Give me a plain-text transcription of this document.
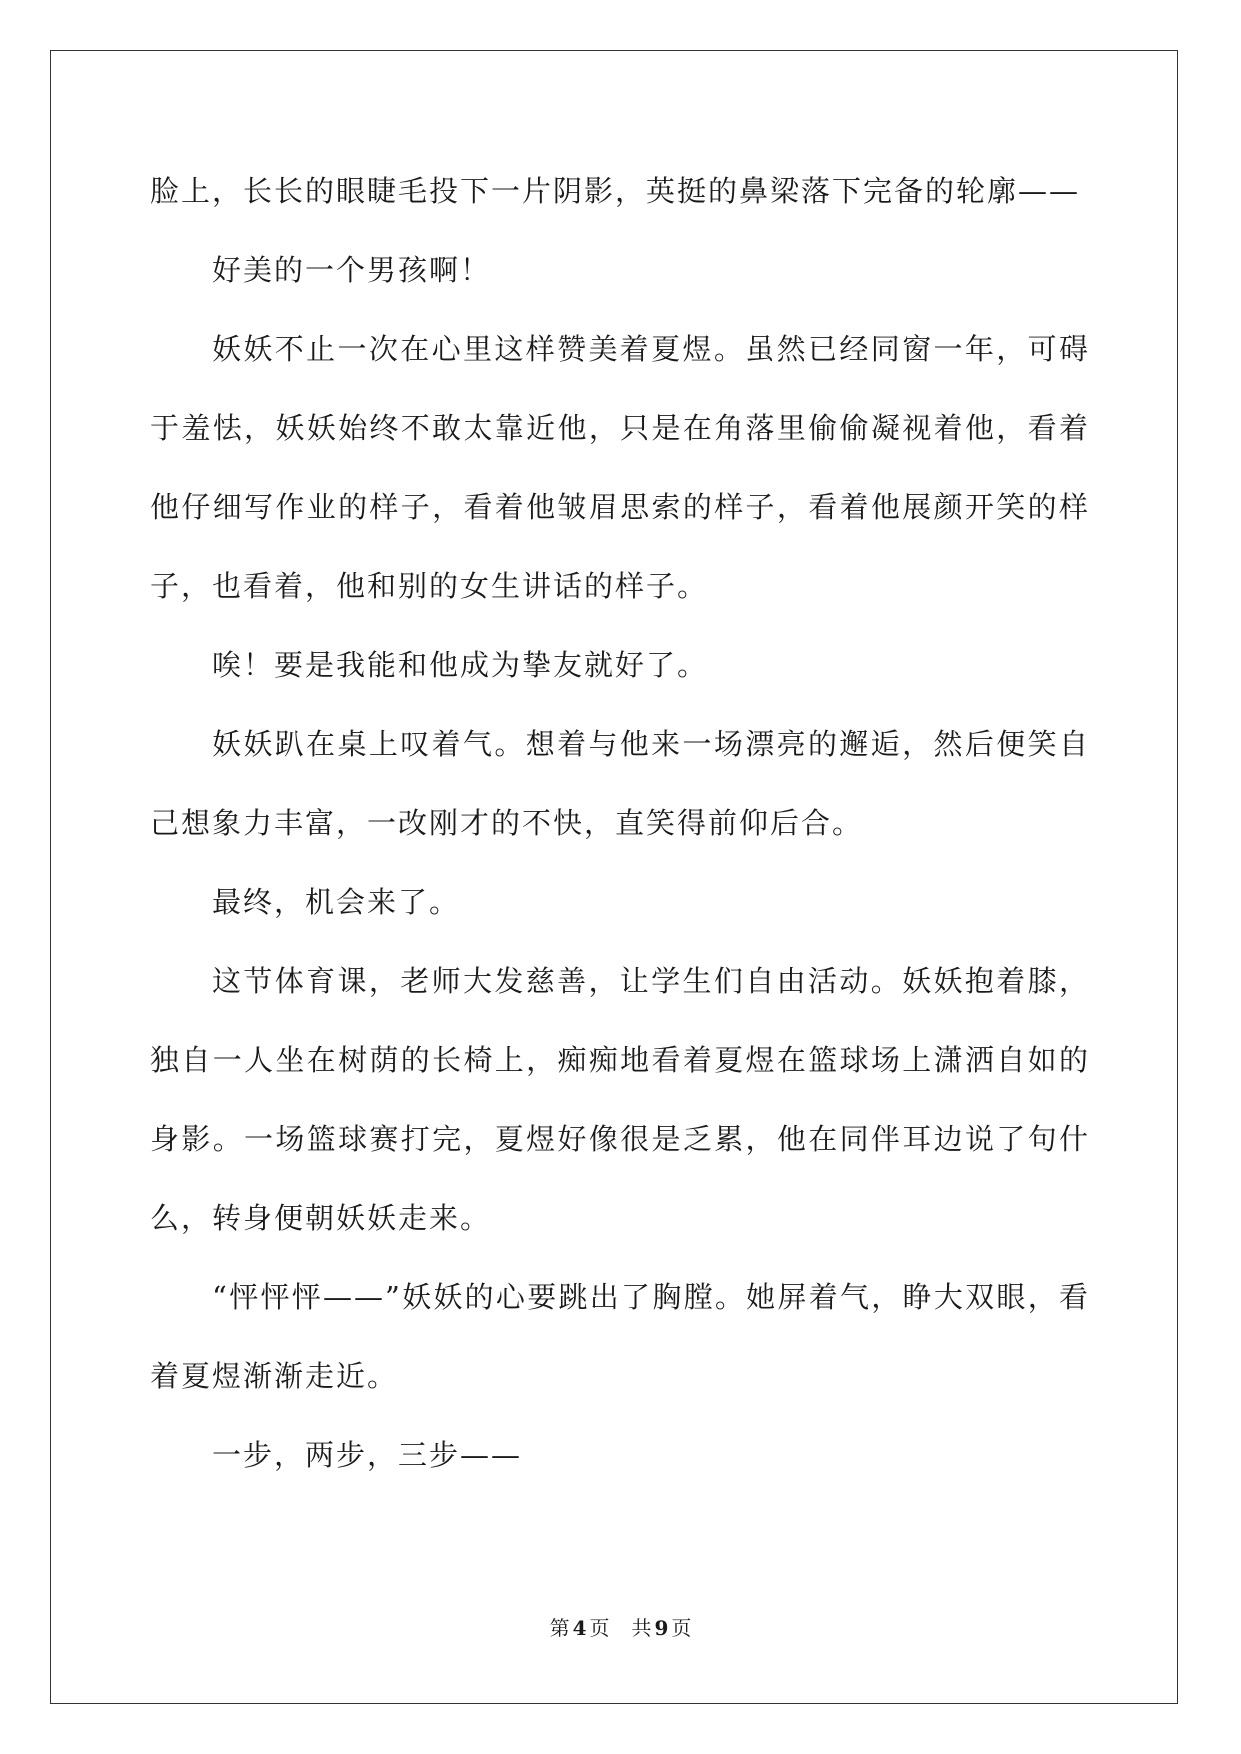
脸上，长长的眼睫毛投下一片阴影，英挺的鼻梁落下完备的轮廓——

好美的一个男孩啊！

妖妖不止一次在心里这样赞美着夏煜。虽然已经同窗一年，可碍于羞怯，妖妖始终不敢太靠近他，只是在角落里偷偷凝视着他，看着他仔细写作业的样子，看着他皱眉思索的样子，看着他展颜开笑的样子，也看着，他和别的女生讲话的样子。

唉！要是我能和他成为挚友就好了。

妖妖趴在桌上叹着气。想着与他来一场漂亮的邂逅，然后便笑自己想象力丰富，一改刚才的不快，直笑得前仰后合。

最终，机会来了。

这节体育课，老师大发慈善，让学生们自由活动。妖妖抱着膝，独自一人坐在树荫的长椅上，痴痴地看着夏煜在篮球场上潇洒自如的身影。一场篮球赛打完，夏煜好像很是乏累，他在同伴耳边说了句什么，转身便朝妖妖走来。

“怦怦怦——”妖妖的心要跳出了胸膛。她屏着气，睁大双眼，看着夏煜渐渐走近。

一步，两步，三步——

第 4 页 共 9 页
